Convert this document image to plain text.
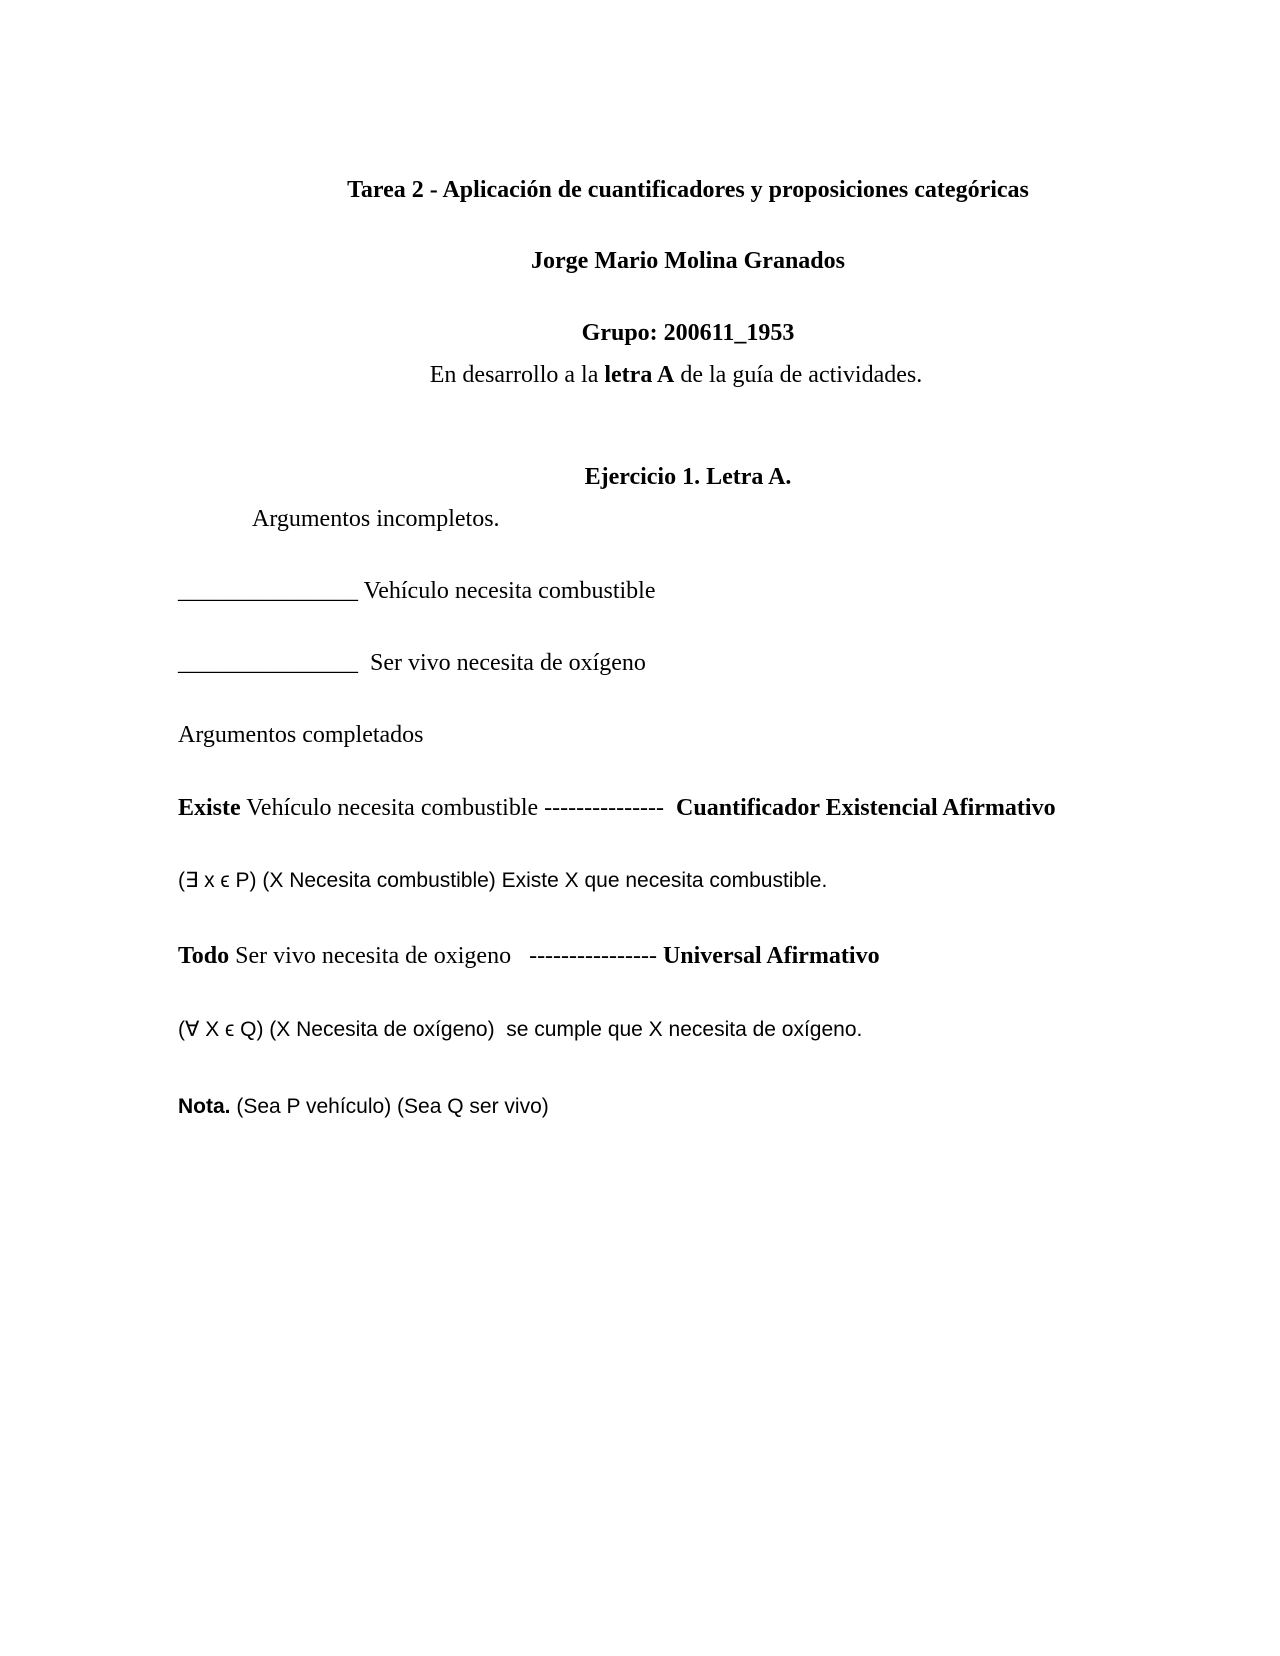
Tarea 2 - Aplicación de cuantificadores y proposiciones categóricas

Jorge Mario Molina Granados

Grupo: 200611_1953

En desarrollo a la letra A de la guía de actividades.

Ejercicio 1. Letra A.

Argumentos incompletos.
_______________ Vehículo necesita combustible
_______________  Ser vivo necesita de oxígeno
Argumentos completados
Existe Vehículo necesita combustible ---------------  Cuantificador Existencial Afirmativo
(∃ x ϵ P) (X Necesita combustible) Existe X que necesita combustible.
Todo Ser vivo necesita de oxigeno   ---------------- Universal Afirmativo
(∀ X ϵ Q) (X Necesita de oxígeno)  se cumple que X necesita de oxígeno.
Nota. (Sea P vehículo) (Sea Q ser vivo)
